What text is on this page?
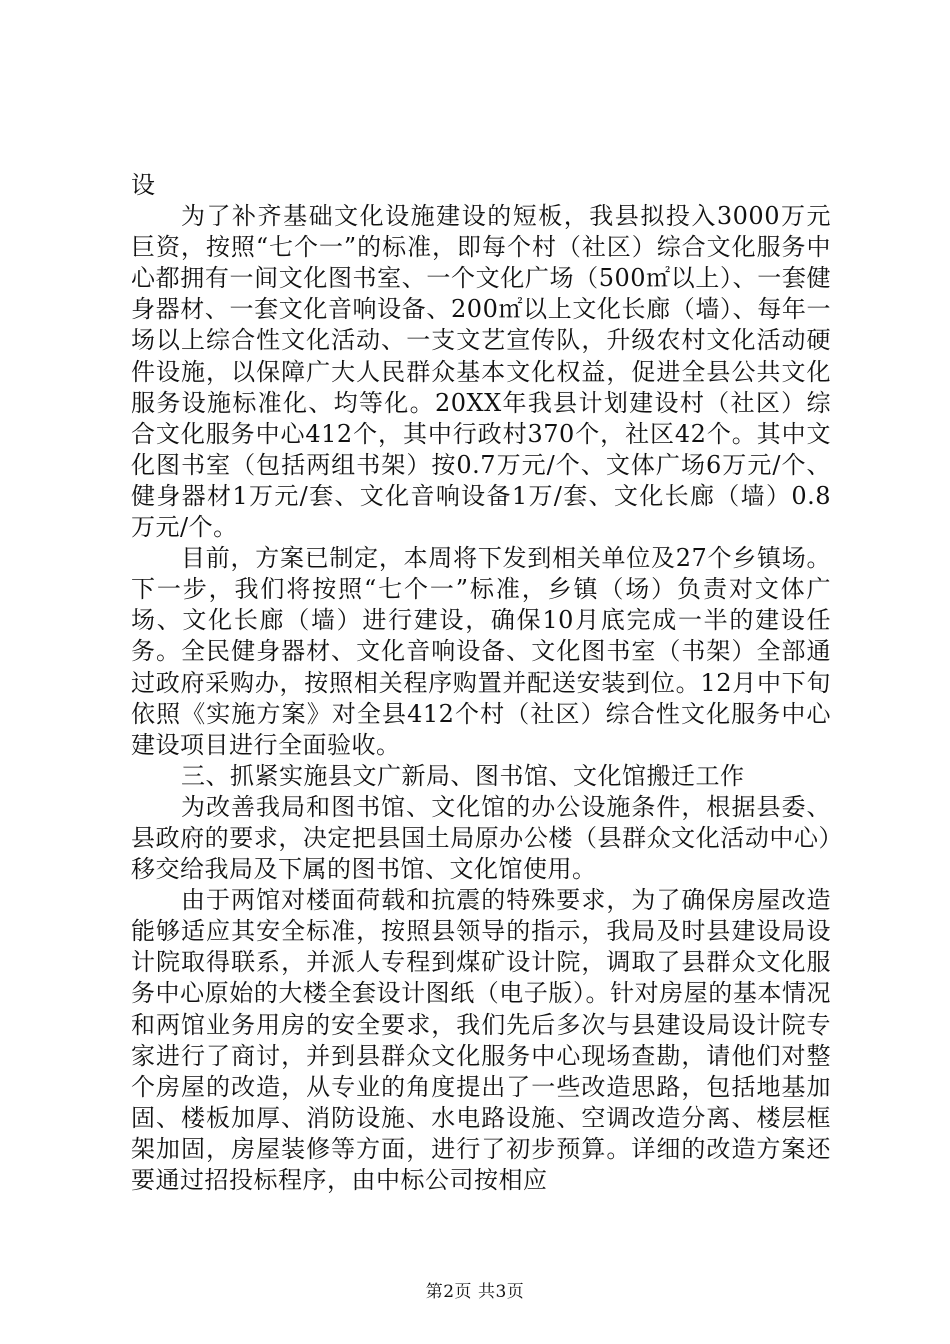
设

为了补齐基础文化设施建设的短板，我县拟投入3000万元巨资，按照“七个一”的标准，即每个村（社区）综合文化服务中心都拥有一间文化图书室、一个文化广场（500㎡以上）、一套健身器材、一套文化音响设备、200㎡以上文化长廊（墙）、每年一场以上综合性文化活动、一支文艺宣传队，升级农村文化活动硬件设施，以保障广大人民群众基本文化权益，促进全县公共文化服务设施标准化、均等化。20XX年我县计划建设村（社区）综合文化服务中心412个，其中行政村370个，社区42个。其中文化图书室（包括两组书架）按0.7万元/个、文体广场6万元/个、健身器材1万元/套、文化音响设备1万/套、文化长廊（墙）0.8万元/个。

目前，方案已制定，本周将下发到相关单位及27个乡镇场。下一步，我们将按照“七个一”标准，乡镇（场）负责对文体广场、文化长廊（墙）进行建设，确保10月底完成一半的建设任务。全民健身器材、文化音响设备、文化图书室（书架）全部通过政府采购办，按照相关程序购置并配送安装到位。12月中下旬依照《实施方案》对全县412个村（社区）综合性文化服务中心建设项目进行全面验收。

三、抓紧实施县文广新局、图书馆、文化馆搬迁工作

为改善我局和图书馆、文化馆的办公设施条件，根据县委、县政府的要求，决定把县国土局原办公楼（县群众文化活动中心）移交给我局及下属的图书馆、文化馆使用。

由于两馆对楼面荷载和抗震的特殊要求，为了确保房屋改造能够适应其安全标准，按照县领导的指示，我局及时县建设局设计院取得联系，并派人专程到煤矿设计院，调取了县群众文化服务中心原始的大楼全套设计图纸（电子版）。针对房屋的基本情况和两馆业务用房的安全要求，我们先后多次与县建设局设计院专家进行了商讨，并到县群众文化服务中心现场查勘，请他们对整个房屋的改造，从专业的角度提出了一些改造思路，包括地基加固、楼板加厚、消防设施、水电路设施、空调改造分离、楼层框架加固，房屋装修等方面，进行了初步预算。详细的改造方案还要通过招投标程序，由中标公司按相应

第2页 共3页
